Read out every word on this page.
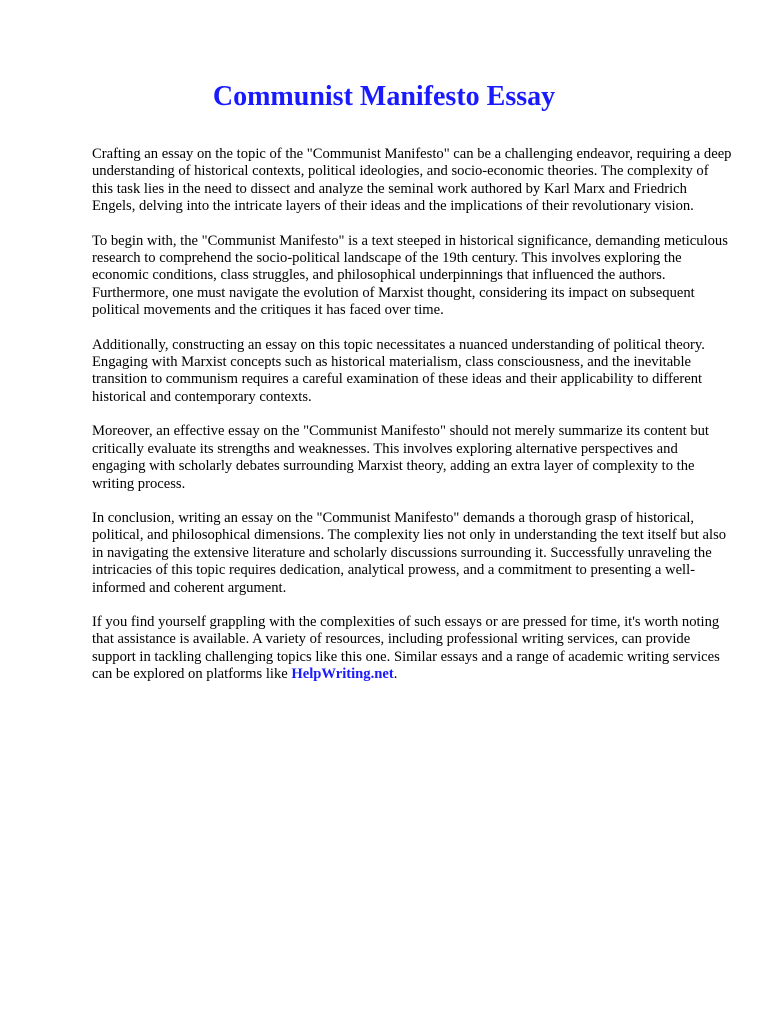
Communist Manifesto Essay

Crafting an essay on the topic of the "Communist Manifesto" can be a challenging endeavor, requiring a deep understanding of historical contexts, political ideologies, and socio-economic theories. The complexity of this task lies in the need to dissect and analyze the seminal work authored by Karl Marx and Friedrich Engels, delving into the intricate layers of their ideas and the implications of their revolutionary vision.

To begin with, the "Communist Manifesto" is a text steeped in historical significance, demanding meticulous research to comprehend the socio-political landscape of the 19th century. This involves exploring the economic conditions, class struggles, and philosophical underpinnings that influenced the authors. Furthermore, one must navigate the evolution of Marxist thought, considering its impact on subsequent political movements and the critiques it has faced over time.

Additionally, constructing an essay on this topic necessitates a nuanced understanding of political theory. Engaging with Marxist concepts such as historical materialism, class consciousness, and the inevitable transition to communism requires a careful examination of these ideas and their applicability to different historical and contemporary contexts.

Moreover, an effective essay on the "Communist Manifesto" should not merely summarize its content but critically evaluate its strengths and weaknesses. This involves exploring alternative perspectives and engaging with scholarly debates surrounding Marxist theory, adding an extra layer of complexity to the writing process.

In conclusion, writing an essay on the "Communist Manifesto" demands a thorough grasp of historical, political, and philosophical dimensions. The complexity lies not only in understanding the text itself but also in navigating the extensive literature and scholarly discussions surrounding it. Successfully unraveling the intricacies of this topic requires dedication, analytical prowess, and a commitment to presenting a well-informed and coherent argument.

If you find yourself grappling with the complexities of such essays or are pressed for time, it's worth noting that assistance is available. A variety of resources, including professional writing services, can provide support in tackling challenging topics like this one. Similar essays and a range of academic writing services can be explored on platforms like HelpWriting.net.
